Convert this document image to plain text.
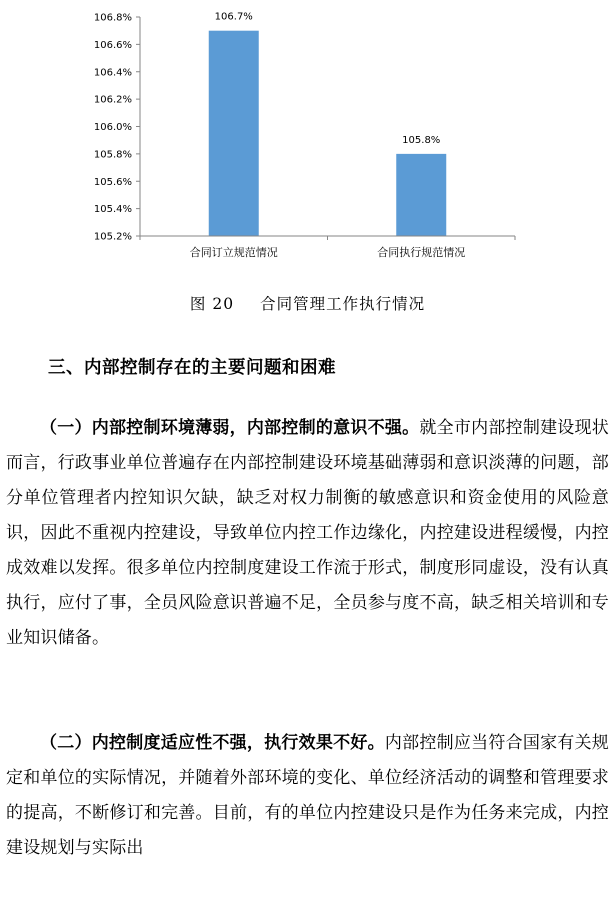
105.2%
105.4%
105.6%
105.8%
106.0%
106.2%
106.4%
106.6%
106.8%	106.7%
105.8%
合同订立规范情况	合同执行规范情况
图 20 合同管理工作执行情况
三、内部控制存在的主要问题和困难
（一）内部控制环境薄弱，内部控制的意识不强。就全市内部控制建设现状而言，行政事业单位普遍存在内部控制建设环境基础薄弱和意识淡薄的问题，部分单位管理者内控知识欠缺，缺乏对权力制衡的敏感意识和资金使用的风险意识，因此不重视内控建设，导致单位内控工作边缘化，内控建设进程缓慢，内控成效难以发挥。很多单位内控制度建设工作流于形式，制度形同虚设，没有认真执行，应付了事，全员风险意识普遍不足，全员参与度不高，缺乏相关培训和专业知识储备。
（二）内控制度适应性不强，执行效果不好。内部控制应当符合国家有关规定和单位的实际情况，并随着外部环境的变化、单位经济活动的调整和管理要求的提高，不断修订和完善。目前，有的单位内控建设只是作为任务来完成，内控建设规划与实际出
